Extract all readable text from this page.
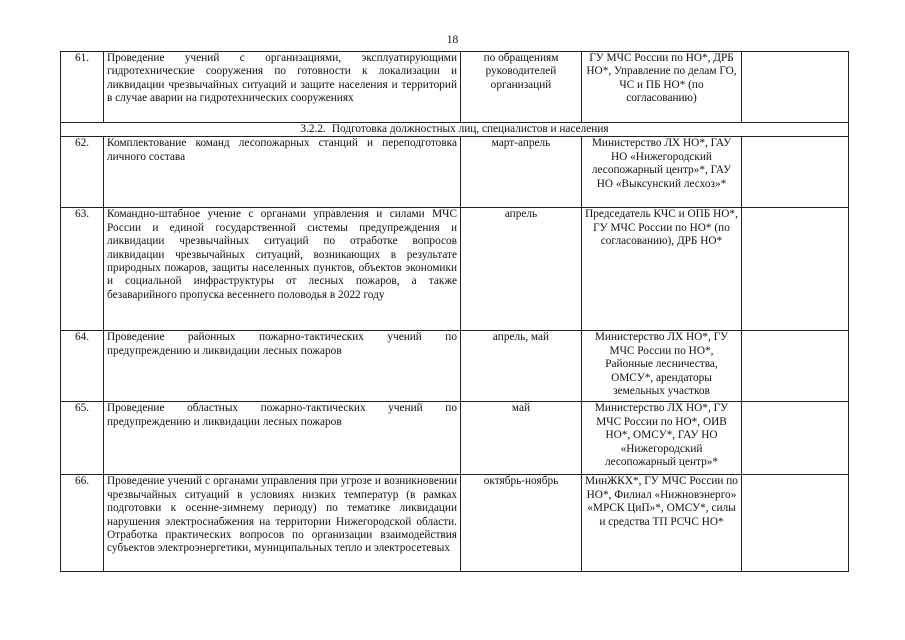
18
61.	Проведение учений с организациями, эксплуатирующими гидротехнические сооружения по готовности к локализации и ликвидации чрезвычайных ситуаций и защите населения и территорий в случае аварии на гидротехнических сооружениях	по обращениям руководителей организаций	ГУ МЧС России по НО*, ДРБ НО*, Управление по делам ГО, ЧС и ПБ НО* (по согласованию)	
3.2.2. Подготовка должностных лиц, специалистов и населения				
62.	Комплектование команд лесопожарных станций и переподготовка личного состава	март-апрель	Министерство ЛХ НО*, ГАУ НО «Нижегородский лесопожарный центр»*, ГАУ НО «Выксунский лесхоз»*	
63.	Командно-штабное учение с органами управления и силами МЧС России и единой государственной системы предупреждения и ликвидации чрезвычайных ситуаций по отработке вопросов ликвидации чрезвычайных ситуаций, возникающих в результате природных пожаров, защиты населенных пунктов, объектов экономики и социальной инфраструктуры от лесных пожаров, а также безаварийного пропуска весеннего половодья в 2022 году	апрель	Председатель КЧС и ОПБ НО*, ГУ МЧС России по НО* (по согласованию), ДРБ НО*	
64.	Проведение районных пожарно-тактических учений по предупреждению и ликвидации лесных пожаров	апрель, май	Министерство ЛХ НО*, ГУ МЧС России по НО*, Районные лесничества, ОМСУ*, арендаторы земельных участков	
65.	Проведение областных пожарно-тактических учений по предупреждению и ликвидации лесных пожаров	май	Министерство ЛХ НО*, ГУ МЧС России по НО*, ОИВ НО*, ОМСУ*, ГАУ НО «Нижегородский лесопожарный центр»*	
66.	Проведение учений с органами управления при угрозе и возникновении чрезвычайных ситуаций в условиях низких температур (в рамках подготовки к осенне-зимнему периоду) по тематике ликвидации нарушения электроснабжения на территории Нижегородской области. Отработка практических вопросов по организации взаимодействия субъектов электроэнергетики, муниципальных тепло и электросетевых	октябрь-ноябрь	МинЖКХ*, ГУ МЧС России по НО*, Филиал «Нижновэнерго» «МРСК ЦиП»*, ОМСУ*, силы и средства ТП РСЧС НО*	
